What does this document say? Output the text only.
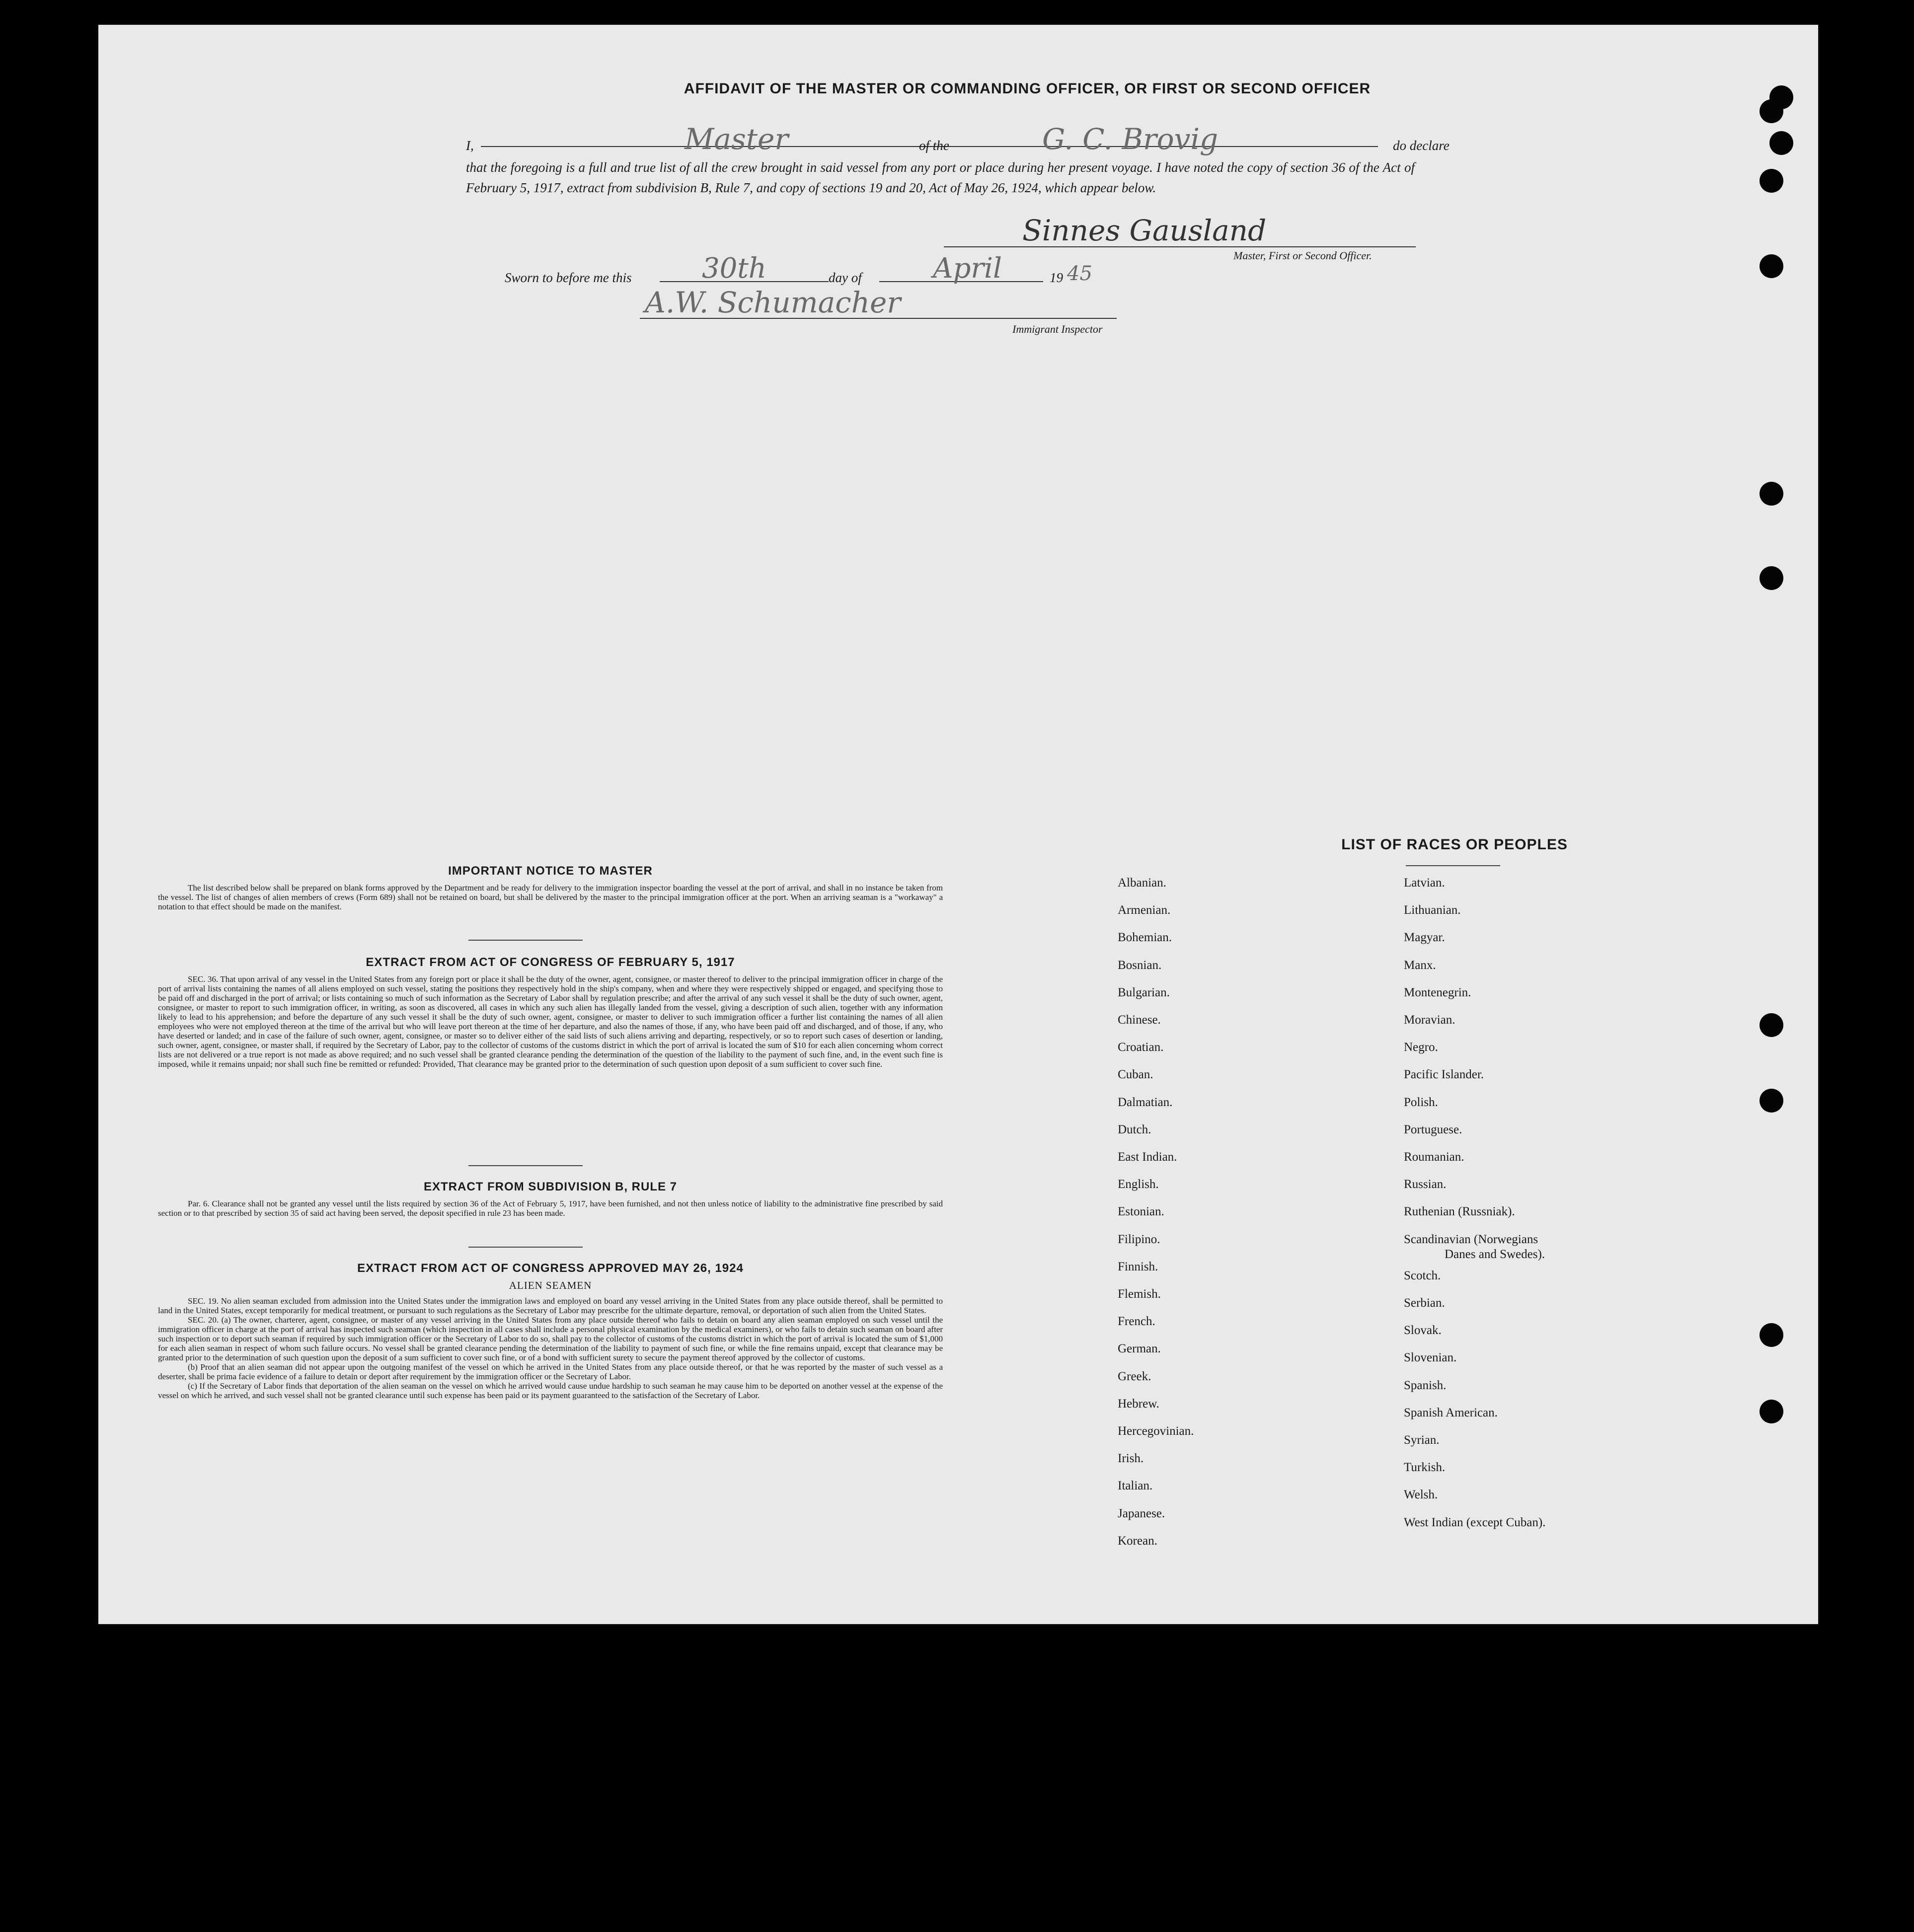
AFFIDAVIT OF THE MASTER OR COMMANDING OFFICER, OR FIRST OR SECOND OFFICER
I,	Master	of the	G. C. Brovig	do declare
that the foregoing is a full and true list of all the crew brought in said vessel from any port or place during her present voyage. I have noted the copy of section 36 of the Act of February 5, 1917, extract from subdivision B, Rule 7, and copy of sections 19 and 20, Act of May 26, 1924, which appear below.
Sinnes Gausland
Master, First or Second Officer.
Sworn to before me this	30th	day of	April	19 45
A.W. Schumacher
Immigrant Inspector
IMPORTANT NOTICE TO MASTER
The list described below shall be prepared on blank forms approved by the Department and be ready for delivery to the immigration inspector boarding the vessel at the port of arrival, and shall in no instance be taken from the vessel. The list of changes of alien members of crews (Form 689) shall not be retained on board, but shall be delivered by the master to the principal immigration officer at the port. When an arriving seaman is a "workaway" a notation to that effect should be made on the manifest.
EXTRACT FROM ACT OF CONGRESS OF FEBRUARY 5, 1917
SEC. 36. That upon arrival of any vessel in the United States from any foreign port or place it shall be the duty of the owner, agent, consignee, or master thereof to deliver to the principal immigration officer in charge of the port of arrival lists containing the names of all aliens employed on such vessel, stating the positions they respectively hold in the ship's company, when and where they were respectively shipped or engaged, and specifying those to be paid off and discharged in the port of arrival; or lists containing so much of such information as the Secretary of Labor shall by regulation prescribe; and after the arrival of any such vessel it shall be the duty of such owner, agent, consignee, or master to report to such immigration officer, in writing, as soon as discovered, all cases in which any such alien has illegally landed from the vessel, giving a description of such alien, together with any information likely to lead to his apprehension; and before the departure of any such vessel it shall be the duty of such owner, agent, consignee, or master to deliver to such immigration officer a further list containing the names of all alien employees who were not employed thereon at the time of the arrival but who will leave port thereon at the time of her departure, and also the names of those, if any, who have been paid off and discharged, and of those, if any, who have deserted or landed; and in case of the failure of such owner, agent, consignee, or master so to deliver either of the said lists of such aliens arriving and departing, respectively, or so to report such cases of desertion or landing, such owner, agent, consignee, or master shall, if required by the Secretary of Labor, pay to the collector of customs of the customs district in which the port of arrival is located the sum of $10 for each alien concerning whom correct lists are not delivered or a true report is not made as above required; and no such vessel shall be granted clearance pending the determination of the question of the liability to the payment of such fine, and, in the event such fine is imposed, while it remains unpaid; nor shall such fine be remitted or refunded: Provided, That clearance may be granted prior to the determination of such question upon deposit of a sum sufficient to cover such fine.
EXTRACT FROM SUBDIVISION B, RULE 7
Par. 6. Clearance shall not be granted any vessel until the lists required by section 36 of the Act of February 5, 1917, have been furnished, and not then unless notice of liability to the administrative fine prescribed by said section or to that prescribed by section 35 of said act having been served, the deposit specified in rule 23 has been made.
EXTRACT FROM ACT OF CONGRESS APPROVED MAY 26, 1924
ALIEN SEAMEN
SEC. 19. No alien seaman excluded from admission into the United States under the immigration laws and employed on board any vessel arriving in the United States from any place outside thereof, shall be permitted to land in the United States, except temporarily for medical treatment, or pursuant to such regulations as the Secretary of Labor may prescribe for the ultimate departure, removal, or deportation of such alien from the United States.
SEC. 20. (a) The owner, charterer, agent, consignee, or master of any vessel arriving in the United States from any place outside thereof who fails to detain on board any alien seaman employed on such vessel until the immigration officer in charge at the port of arrival has inspected such seaman (which inspection in all cases shall include a personal physical examination by the medical examiners), or who fails to detain such seaman on board after such inspection or to deport such seaman if required by such immigration officer or the Secretary of Labor to do so, shall pay to the collector of customs of the customs district in which the port of arrival is located the sum of $1,000 for each alien seaman in respect of whom such failure occurs. No vessel shall be granted clearance pending the determination of the liability to payment of such fine, or while the fine remains unpaid, except that clearance may be granted prior to the determination of such question upon the deposit of a sum sufficient to cover such fine, or of a bond with sufficient surety to secure the payment thereof approved by the collector of customs.
(b) Proof that an alien seaman did not appear upon the outgoing manifest of the vessel on which he arrived in the United States from any place outside thereof, or that he was reported by the master of such vessel as a deserter, shall be prima facie evidence of a failure to detain or deport after requirement by the immigration officer or the Secretary of Labor.
(c) If the Secretary of Labor finds that deportation of the alien seaman on the vessel on which he arrived would cause undue hardship to such seaman he may cause him to be deported on another vessel at the expense of the vessel on which he arrived, and such vessel shall not be granted clearance until such expense has been paid or its payment guaranteed to the satisfaction of the Secretary of Labor.
LIST OF RACES OR PEOPLES
Albanian.
Armenian.
Bohemian.
Bosnian.
Bulgarian.
Chinese.
Croatian.
Cuban.
Dalmatian.
Dutch.
East Indian.
English.
Estonian.
Filipino.
Finnish.
Flemish.
French.
German.
Greek.
Hebrew.
Hercegovinian.
Irish.
Italian.
Japanese.
Korean.
Latvian.
Lithuanian.
Magyar.
Manx.
Montenegrin.
Moravian.
Negro.
Pacific Islander.
Polish.
Portuguese.
Roumanian.
Russian.
Ruthenian (Russniak).
Scandinavian (Norwegians
Scotch.
Serbian.
Slovak.
Slovenian.
Spanish.
Spanish American.
Syrian.
Turkish.
Welsh.
West Indian (except Cuban).
Danes and Swedes).
